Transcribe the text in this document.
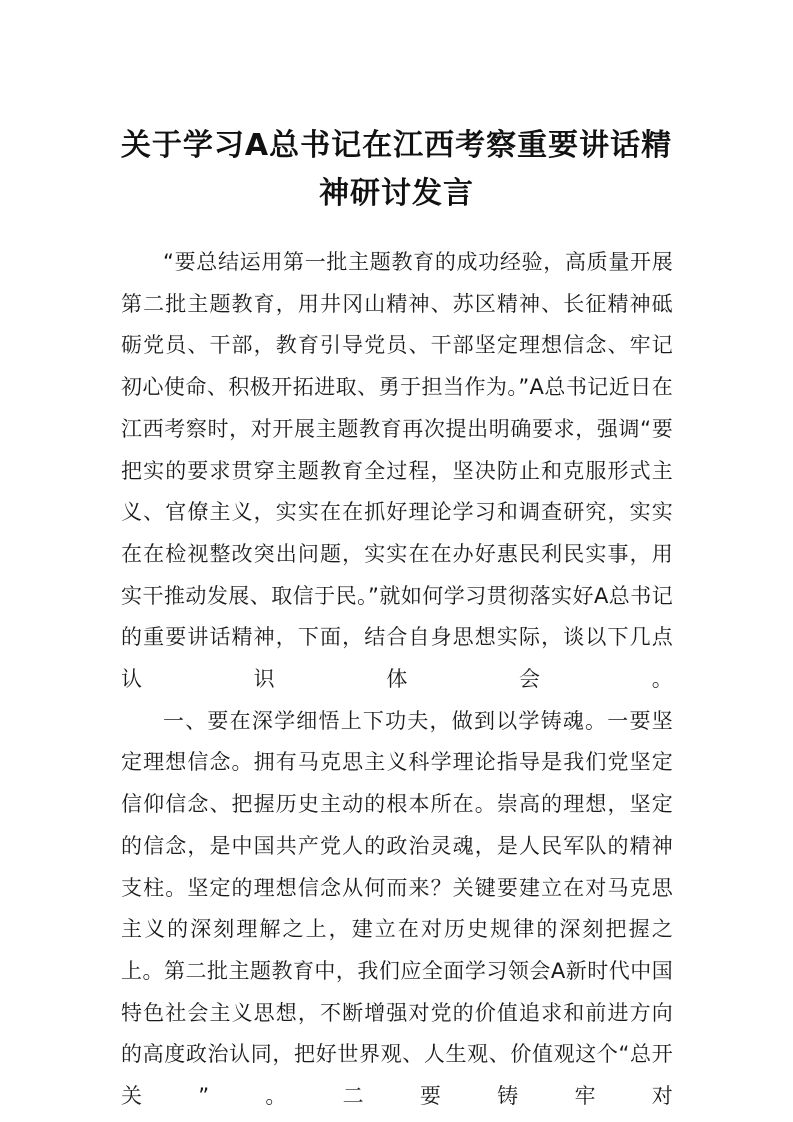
关于学习A总书记在江西考察重要讲话精神研讨发言

“要总结运用第一批主题教育的成功经验，高质量开展第二批主题教育，用井冈山精神、苏区精神、长征精神砥砺党员、干部，教育引导党员、干部坚定理想信念、牢记初心使命、积极开拓进取、勇于担当作为。”A总书记近日在江西考察时，对开展主题教育再次提出明确要求，强调“要把实的要求贯穿主题教育全过程，坚决防止和克服形式主义、官僚主义，实实在在抓好理论学习和调查研究，实实在在检视整改突出问题，实实在在办好惠民利民实事，用实干推动发展、取信于民。”就如何学习贯彻落实好A总书记的重要讲话精神，下面，结合自身思想实际，谈以下几点认识体会。

一、要在深学细悟上下功夫，做到以学铸魂。一要坚定理想信念。拥有马克思主义科学理论指导是我们党坚定信仰信念、把握历史主动的根本所在。崇高的理想，坚定的信念，是中国共产党人的政治灵魂，是人民军队的精神支柱。坚定的理想信念从何而来？关键要建立在对马克思主义的深刻理解之上，建立在对历史规律的深刻把握之上。第二批主题教育中，我们应全面学习领会A新时代中国特色社会主义思想，不断增强对党的价值追求和前进方向的高度政治认同，把好世界观、人生观、价值观这个“总开关”。二要铸牢对
